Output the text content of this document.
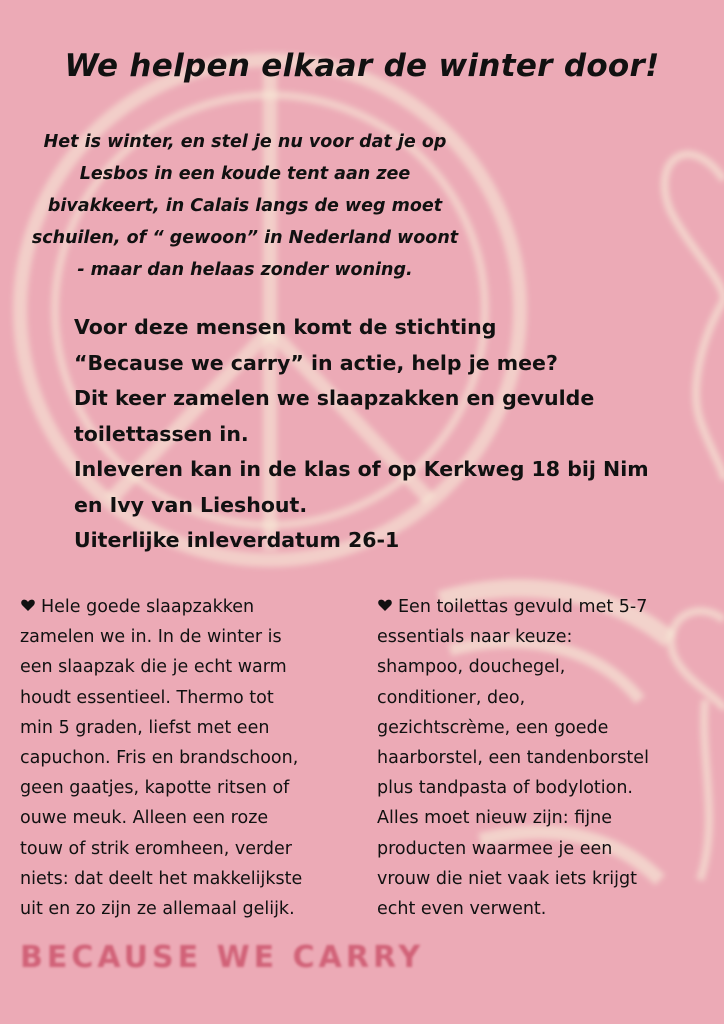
We helpen elkaar de winter door!
Het is winter, en stel je nu voor dat je op
Lesbos in een koude tent aan zee
bivakkeert, in Calais langs de weg moet
schuilen, of “ gewoon” in Nederland woont
- maar dan helaas zonder woning.
Voor deze mensen komt de stichting
“Because we carry” in actie, help je mee?
Dit keer zamelen we slaapzakken en gevulde
toilettassen in.
Inleveren kan in de klas of op Kerkweg 18 bij Nim
en Ivy van Lieshout.
Uiterlijke inleverdatum 26-1
Hele goede slaapzakken
zamelen we in. In de winter is
een slaapzak die je echt warm
houdt essentieel. Thermo tot
min 5 graden, liefst met een
capuchon. Fris en brandschoon,
geen gaatjes, kapotte ritsen of
ouwe meuk. Alleen een roze
touw of strik eromheen, verder
niets: dat deelt het makkelijkste
uit en zo zijn ze allemaal gelijk.
Een toilettas gevuld met 5-7
essentials naar keuze:
shampoo, douchegel,
conditioner, deo,
gezichtscrème, een goede
haarborstel, een tandenborstel
plus tandpasta of bodylotion.
Alles moet nieuw zijn: fijne
producten waarmee je een
vrouw die niet vaak iets krijgt
echt even verwent.
BECAUSE WE CARRY
